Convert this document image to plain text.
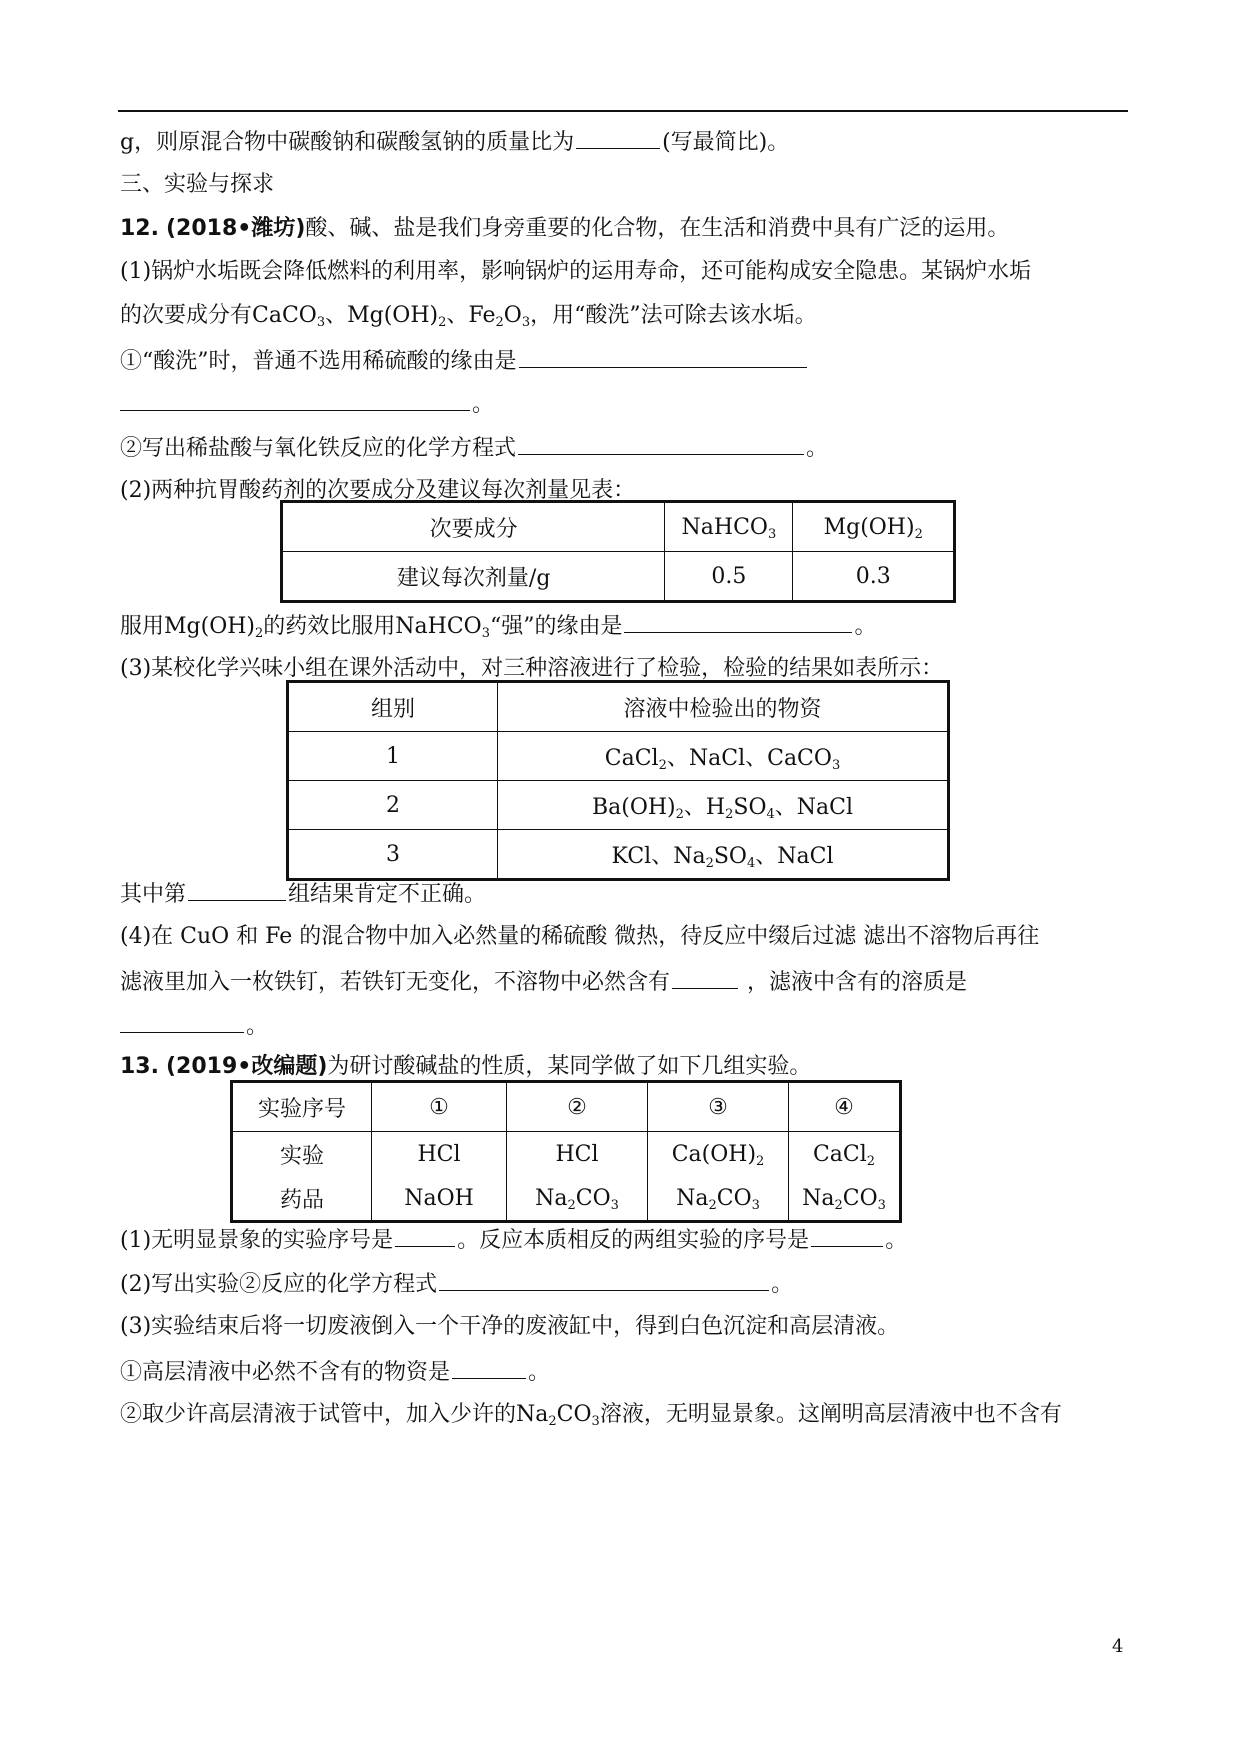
g，则原混合物中碳酸钠和碳酸氢钠的质量比为	(写最简比)。
三、实验与探求
12. (2018•潍坊)酸、碱、盐是我们身旁重要的化合物，在生活和消费中具有广泛的运用。
(1)锅炉水垢既会降低燃料的利用率，影响锅炉的运用寿命，还可能构成安全隐患。某锅炉水垢
的次要成分有CaCO$_3$、$Mg(OH)_2$、$Fe_2O_3$，用“酸洗”法可除去该水垢。
①“酸洗”时，普通不选用稀硫酸的缘由是
。
②写出稀盐酸与氧化铁反应的化学方程式	。
(2)两种抗胃酸药剂的次要成分及建议每次剂量见表：
次要成分	NaHCO$_3$	$Mg(OH)_2$
建议每次剂量/g	0.5	0.3
服用$Mg(OH)_2$的药效比服用NaHCO$_3$“强”的缘由是	。
(3)某校化学兴味小组在课外活动中，对三种溶液进行了检验，检验的结果如表所示：
组别	溶液中检验出的物资
1	CaCl$_2$、NaCl、CaCO$_3$
2	$Ba(OH)_2$、$H_2SO_4$、NaCl
3	KCl、$Na_2SO_4$、NaCl
其中第	组结果肯定不正确。
(4)在 CuO 和 Fe 的混合物中加入必然量的稀硫酸 微热，待反应中缀后过滤 滤出不溶物后再往
滤液里加入一枚铁钉，若铁钉无变化，不溶物中必然含有	，滤液中含有的溶质是
。
13. (2019•改编题)为研讨酸碱盐的性质，某同学做了如下几组实验。
实验序号	①	②	③	④
实验	HCl	HCl	$Ca(OH)_2$	CaCl$_2$
药品	NaOH	$Na_2CO_3$	$Na_2CO_3$	$Na_2CO_3$
(1)无明显景象的实验序号是	。反应本质相反的两组实验的序号是	。
(2)写出实验②反应的化学方程式	。
(3)实验结束后将一切废液倒入一个干净的废液缸中，得到白色沉淀和高层清液。
①高层清液中必然不含有的物资是	。
②取少许高层清液于试管中，加入少许的$Na_2CO_3$溶液，无明显景象。这阐明高层清液中也不含有
4
